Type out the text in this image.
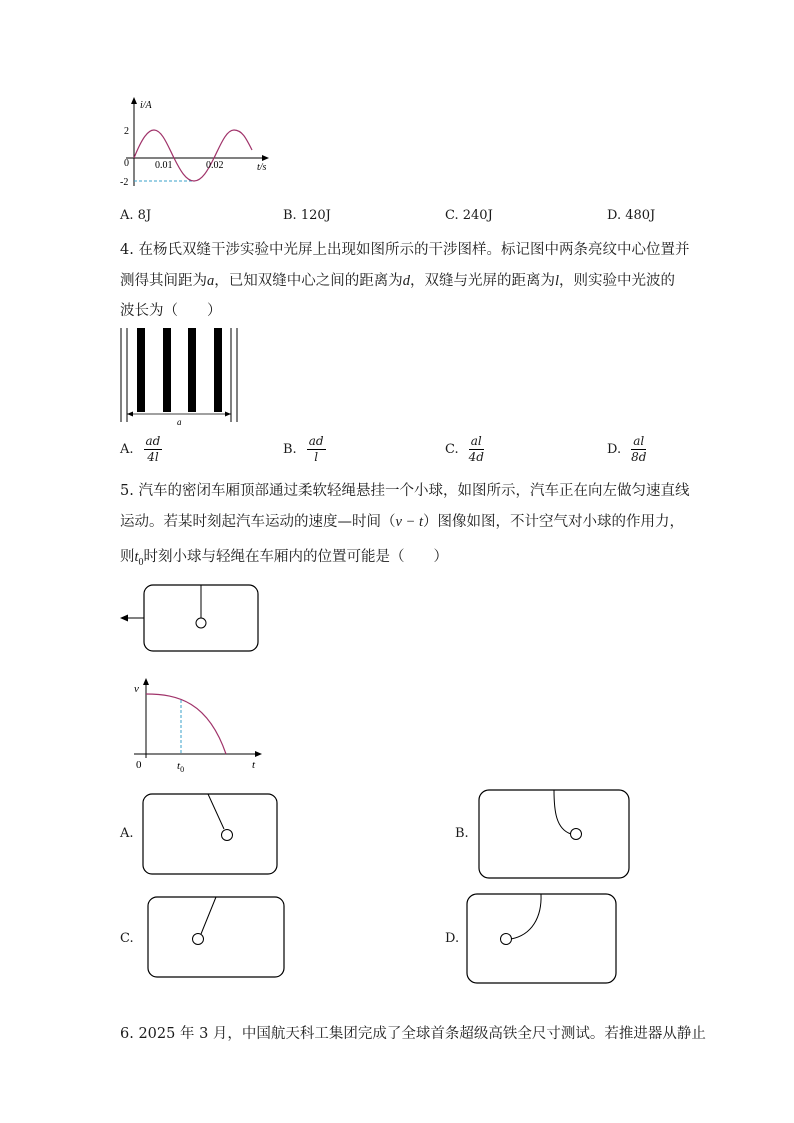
i/A
2
-2
0	0.01	0.02	t/s
A. 8J	B. 120J	C. 240J	D. 480J
4. 在杨氏双缝干涉实验中光屏上出现如图所示的干涉图样。标记图中两条亮纹中心位置并
测得其间距为a，已知双缝中心之间的距离为d，双缝与光屏的距离为l，则实验中光波的
波长为（　　）
a
A. $\frac{ad}{4l}$	B. $\frac{ad}{l}$	C. $\frac{al}{4d}$	D. $\frac{al}{8d}$
5. 汽车的密闭车厢顶部通过柔软轻绳悬挂一个小球，如图所示，汽车正在向左做匀速直线
运动。若某时刻起汽车运动的速度—时间（v − t）图像如图，不计空气对小球的作用力，
则$t_0$时刻小球与轻绳在车厢内的位置可能是（　　）
v
0	$t_0$	t
A.	B.
C.	D.
6. 2025 年 3 月，中国航天科工集团完成了全球首条超级高铁全尺寸测试。若推进器从静止
